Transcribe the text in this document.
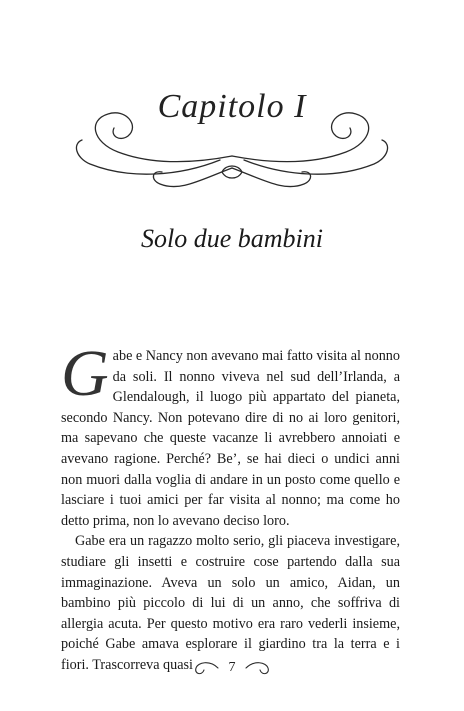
Capitolo I
Solo due bambini

Gabe e Nancy non avevano mai fatto visita al nonno da soli. Il nonno viveva nel sud dell’Irlanda, a Glendalough, il luogo più appartato del pianeta, secondo Nancy. Non potevano dire di no ai loro genitori, ma sapevano che queste vacanze li avrebbero annoiati e avevano ragione. Perché? Be’, se hai dieci o undici anni non muori dalla voglia di andare in un posto come quello e lasciare i tuoi amici per far visita al nonno; ma come ho detto prima, non lo avevano deciso loro.

Gabe era un ragazzo molto serio, gli piaceva investigare, studiare gli insetti e costruire cose partendo dalla sua immaginazione. Aveva un solo un amico, Aidan, un bambino più piccolo di lui di un anno, che soffriva di allergia acuta. Per questo motivo era raro vederli insieme, poiché Gabe amava esplorare il giardino tra la terra e i fiori. Trascorreva quasi	7
